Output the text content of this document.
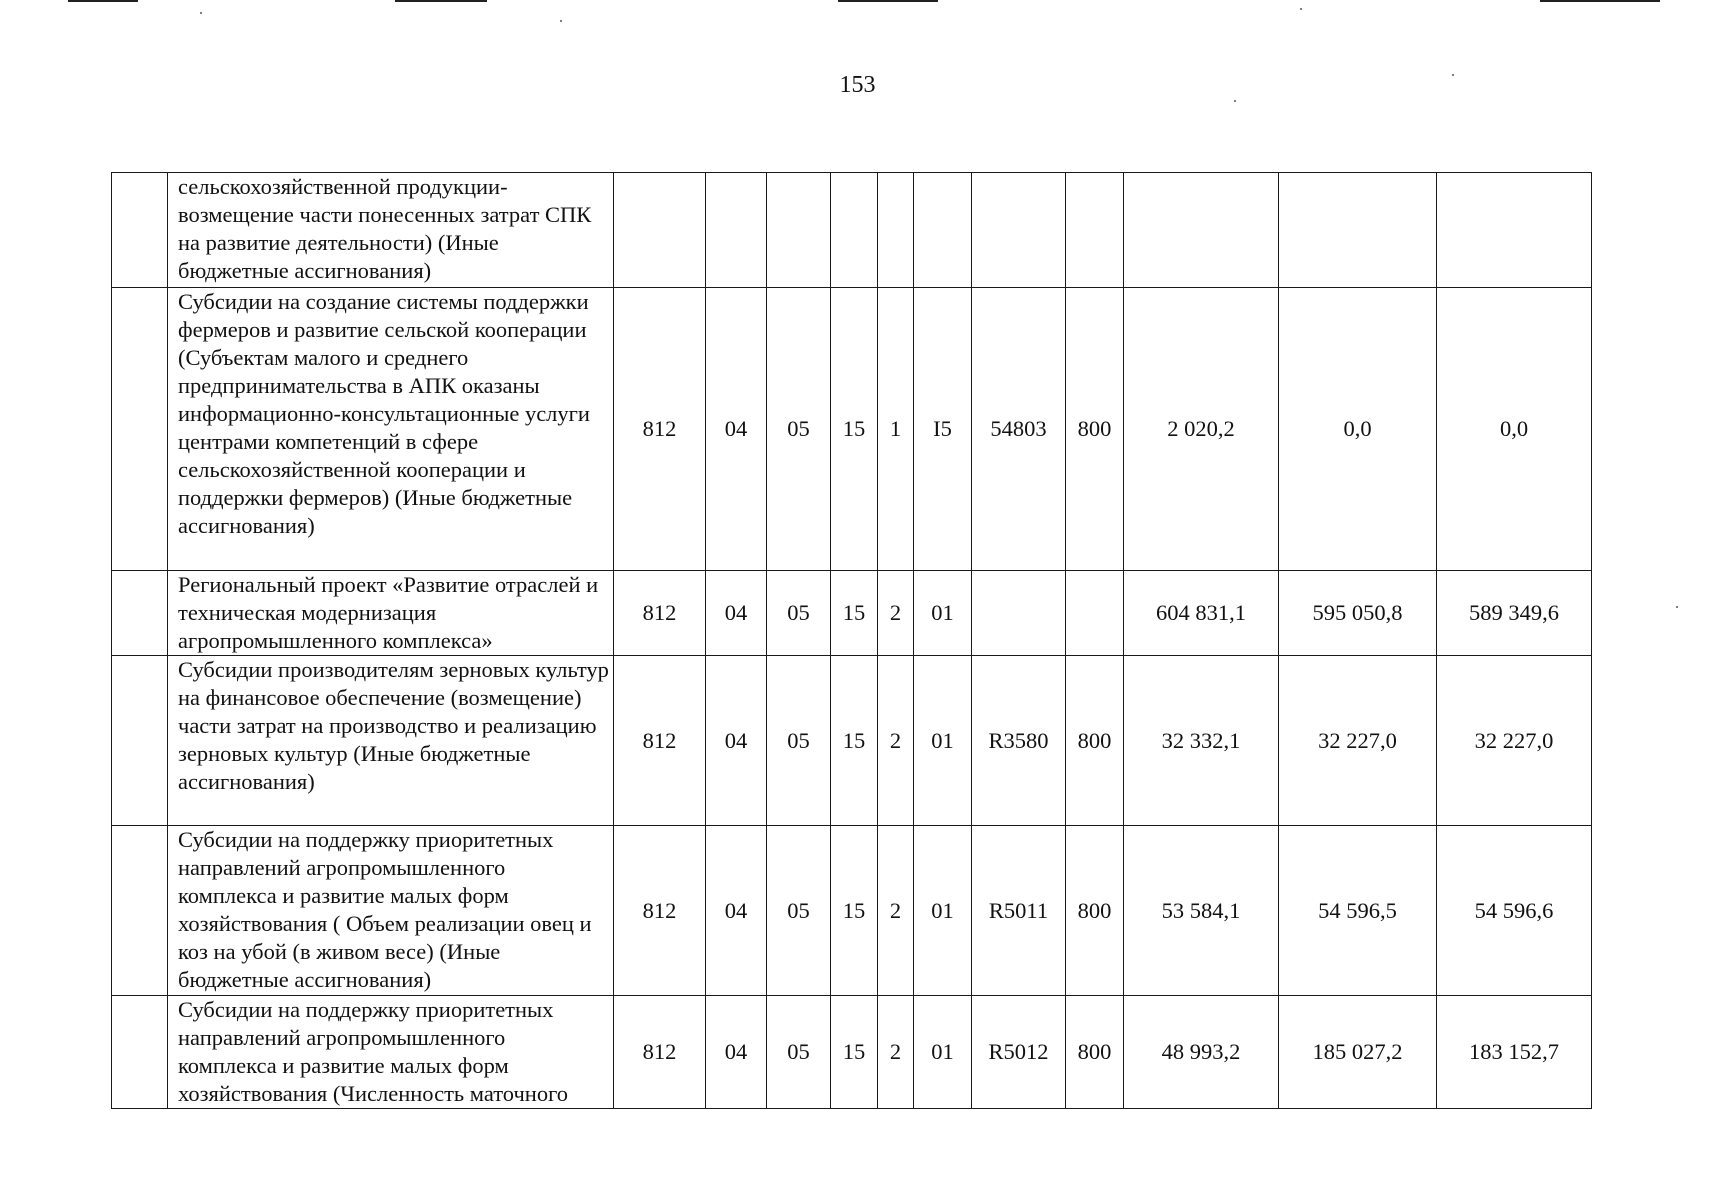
153
	сельскохозяйственной продукции-возмещение части понесенных затрат СПК на развитие деятельности) (Иные бюджетные ассигнования)											
	Субсидии на создание системы поддержки фермеров и развитие сельской кооперации (Субъектам малого и среднего предпринимательства в АПК оказаны информационно-консультационные услуги центрами компетенций в сфере сельскохозяйственной кооперации и поддержки фермеров) (Иные бюджетные ассигнования)	812	04	05	15	1	I5	54803	800	2 020,2	0,0	0,0
	Региональный проект «Развитие отраслей и техническая модернизация агропромышленного комплекса»	812	04	05	15	2	01			604 831,1	595 050,8	589 349,6
	Субсидии производителям зерновых культур на финансовое обеспечение (возмещение) части затрат на производство и реализацию зерновых культур (Иные бюджетные ассигнования)	812	04	05	15	2	01	R3580	800	32 332,1	32 227,0	32 227,0
	Субсидии на поддержку приоритетных направлений агропромышленного комплекса и развитие малых форм хозяйствования ( Объем реализации овец и коз на убой (в живом весе) (Иные бюджетные ассигнования)	812	04	05	15	2	01	R5011	800	53 584,1	54 596,5	54 596,6
	Субсидии на поддержку приоритетных направлений агропромышленного комплекса и развитие малых форм хозяйствования (Численность маточного	812	04	05	15	2	01	R5012	800	48 993,2	185 027,2	183 152,7
